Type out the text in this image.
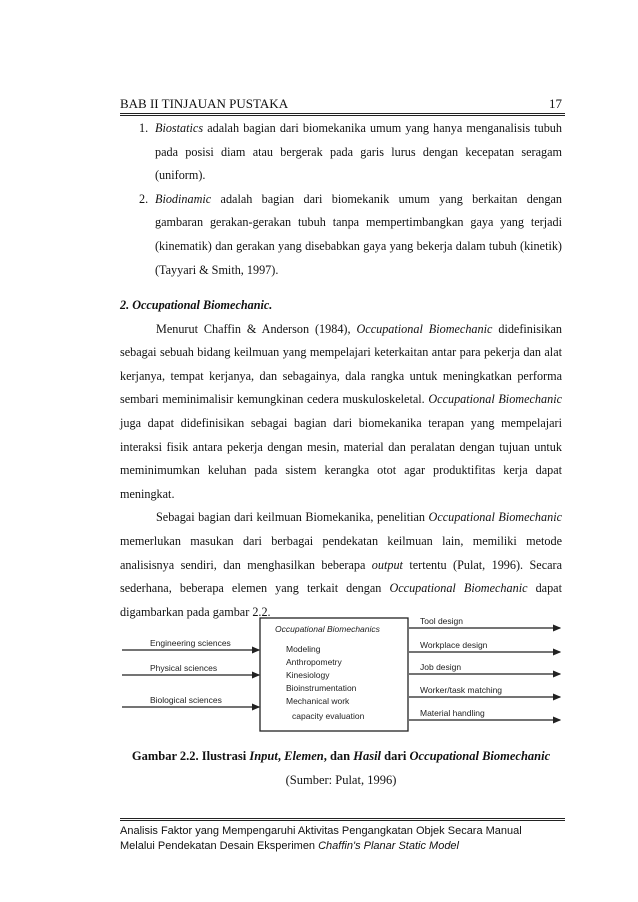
BAB II TINJAUAN PUSTAKA	17
1. Biostatics adalah bagian dari biomekanika umum yang hanya menganalisis tubuh pada posisi diam atau bergerak pada garis lurus dengan kecepatan seragam (uniform).

2. Biodinamic adalah bagian dari biomekanik umum yang berkaitan dengan gambaran gerakan-gerakan tubuh tanpa mempertimbangkan gaya yang terjadi (kinematik) dan gerakan yang disebabkan gaya yang bekerja dalam tubuh (kinetik) (Tayyari & Smith, 1997).

2. Occupational Biomechanic.

Menurut Chaffin & Anderson (1984), Occupational Biomechanic didefinisikan sebagai sebuah bidang keilmuan yang mempelajari keterkaitan antar para pekerja dan alat kerjanya, tempat kerjanya, dan sebagainya, dala rangka untuk meningkatkan performa sembari meminimalisir kemungkinan cedera muskuloskeletal. Occupational Biomechanic juga dapat didefinisikan sebagai bagian dari biomekanika terapan yang mempelajari interaksi fisik antara pekerja dengan mesin, material dan peralatan dengan tujuan untuk meminimumkan keluhan pada sistem kerangka otot agar produktifitas kerja dapat meningkat.

Sebagai bagian dari keilmuan Biomekanika, penelitian Occupational Biomechanic memerlukan masukan dari berbagai pendekatan keilmuan lain, memiliki metode analisisnya sendiri, dan menghasilkan beberapa output tertentu (Pulat, 1996). Secara sederhana, beberapa elemen yang terkait dengan Occupational Biomechanic dapat digambarkan pada gambar 2.2.

Engineering sciences
Physical sciences
Biological sciences
Occupational Biomechanics
Modeling
Anthropometry
Kinesiology
Bioinstrumentation
Mechanical work
capacity evaluation
Tool design
Workplace design
Job design
Worker/task matching
Material handling

Gambar 2.2. Ilustrasi Input, Elemen, dan Hasil dari Occupational Biomechanic

(Sumber: Pulat, 1996)

Analisis Faktor yang Mempengaruhi Aktivitas Pengangkatan Objek Secara Manual

Melalui Pendekatan Desain Eksperimen Chaffin's Planar Static Model
